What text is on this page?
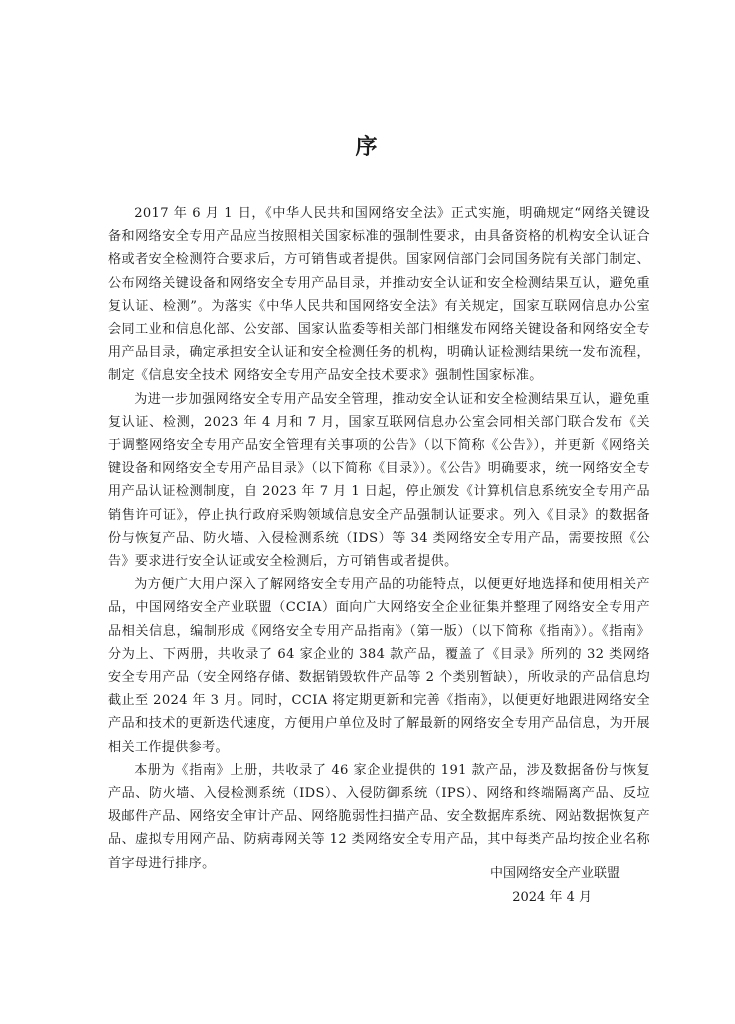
序

2017 年 6 月 1 日，《中华人民共和国网络安全法》正式实施，明确规定“网络关键设备和网络安全专用产品应当按照相关国家标准的强制性要求，由具备资格的机构安全认证合格或者安全检测符合要求后，方可销售或者提供。国家网信部门会同国务院有关部门制定、公布网络关键设备和网络安全专用产品目录，并推动安全认证和安全检测结果互认，避免重复认证、检测”。为落实《中华人民共和国网络安全法》有关规定，国家互联网信息办公室会同工业和信息化部、公安部、国家认监委等相关部门相继发布网络关键设备和网络安全专用产品目录，确定承担安全认证和安全检测任务的机构，明确认证检测结果统一发布流程，制定《信息安全技术 网络安全专用产品安全技术要求》强制性国家标准。

为进一步加强网络安全专用产品安全管理，推动安全认证和安全检测结果互认，避免重复认证、检测，2023 年 4 月和 7 月，国家互联网信息办公室会同相关部门联合发布《关于调整网络安全专用产品安全管理有关事项的公告》（以下简称《公告》），并更新《网络关键设备和网络安全专用产品目录》（以下简称《目录》）。《公告》明确要求，统一网络安全专用产品认证检测制度，自 2023 年 7 月 1 日起，停止颁发《计算机信息系统安全专用产品销售许可证》，停止执行政府采购领域信息安全产品强制认证要求。列入《目录》的数据备份与恢复产品、防火墙、入侵检测系统（IDS）等 34 类网络安全专用产品，需要按照《公告》要求进行安全认证或安全检测后，方可销售或者提供。

为方便广大用户深入了解网络安全专用产品的功能特点，以便更好地选择和使用相关产品，中国网络安全产业联盟（CCIA）面向广大网络安全企业征集并整理了网络安全专用产品相关信息，编制形成《网络安全专用产品指南》（第一版）（以下简称《指南》）。《指南》分为上、下两册，共收录了 64 家企业的 384 款产品，覆盖了《目录》所列的 32 类网络安全专用产品（安全网络存储、数据销毁软件产品等 2 个类别暂缺），所收录的产品信息均截止至 2024 年 3 月。同时，CCIA 将定期更新和完善《指南》，以便更好地跟进网络安全产品和技术的更新迭代速度，方便用户单位及时了解最新的网络安全专用产品信息，为开展相关工作提供参考。

本册为《指南》上册，共收录了 46 家企业提供的 191 款产品，涉及数据备份与恢复产品、防火墙、入侵检测系统（IDS）、入侵防御系统（IPS）、网络和终端隔离产品、反垃圾邮件产品、网络安全审计产品、网络脆弱性扫描产品、安全数据库系统、网站数据恢复产品、虚拟专用网产品、防病毒网关等 12 类网络安全专用产品，其中每类产品均按企业名称首字母进行排序。

中国网络安全产业联盟
2024 年 4 月
